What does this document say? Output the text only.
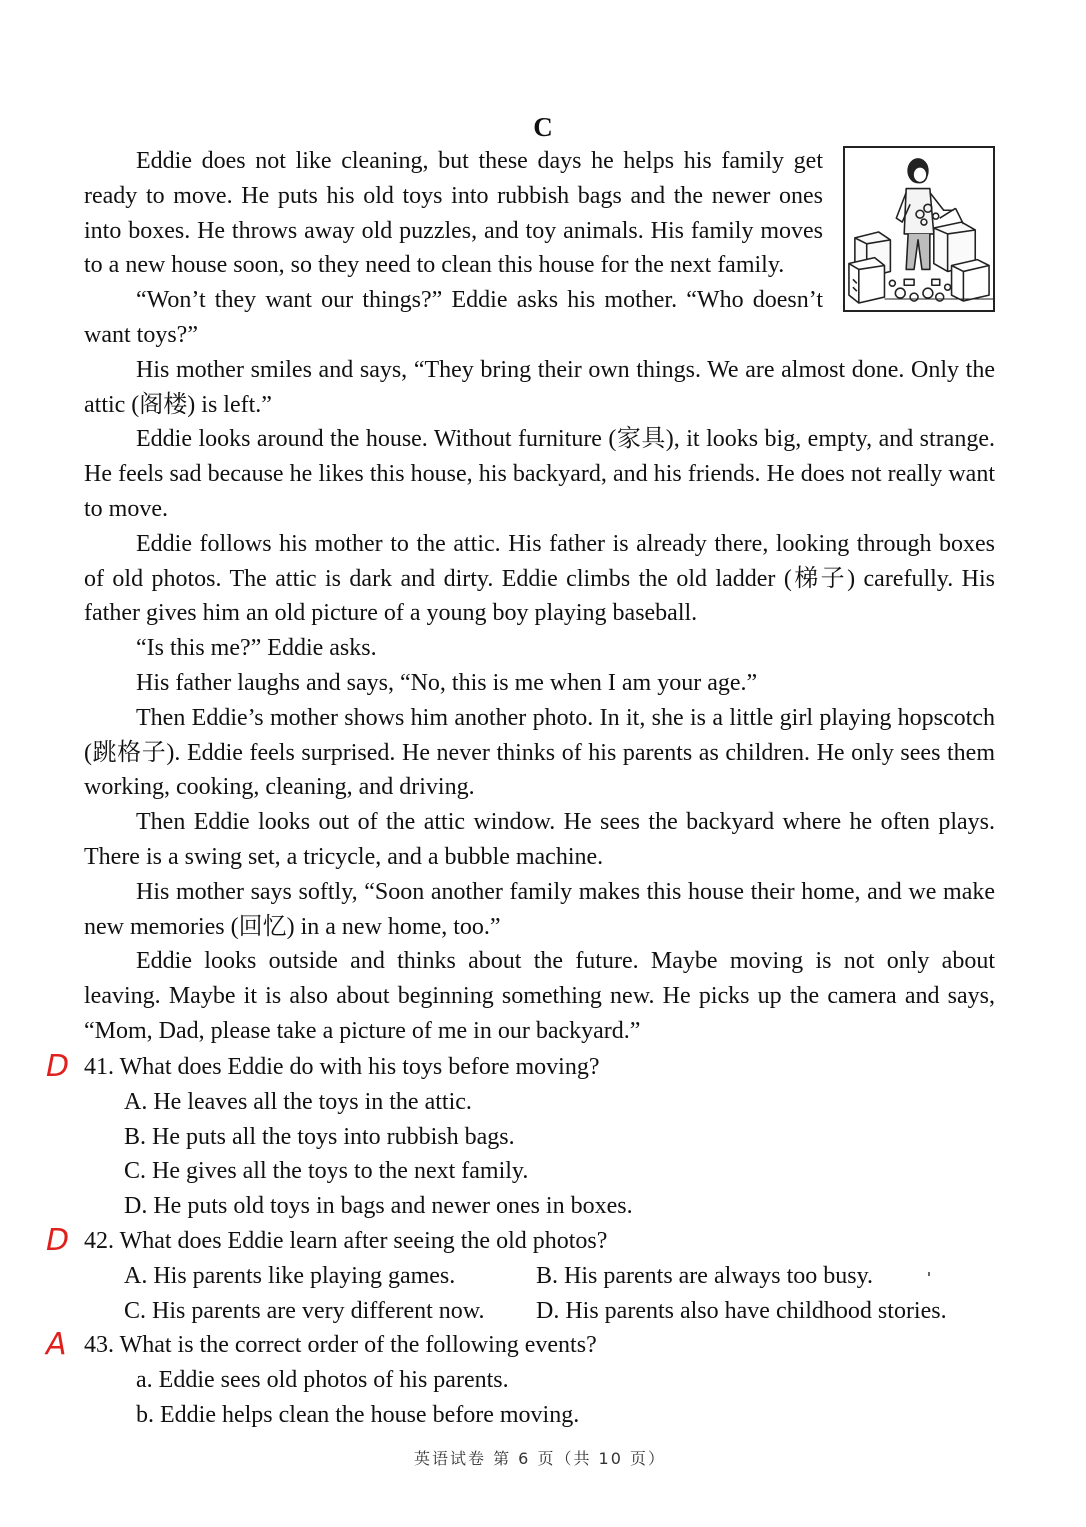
C

Eddie does not like cleaning, but these days he helps his family get ready to move. He puts his old toys into rubbish bags and the newer ones into boxes. He throws away old puzzles, and toy animals. His family moves to a new house soon, so they need to clean this house for the next family.

“Won’t they want our things?” Eddie asks his mother. “Who doesn’t want toys?”

His mother smiles and says, “They bring their own things. We are almost done. Only the attic (阁楼) is left.”

Eddie looks around the house. Without furniture (家具), it looks big, empty, and strange. He feels sad because he likes this house, his backyard, and his friends. He does not really want to move.

Eddie follows his mother to the attic. His father is already there, looking through boxes of old photos. The attic is dark and dirty. Eddie climbs the old ladder (梯子) carefully. His father gives him an old picture of a young boy playing baseball.

“Is this me?” Eddie asks.

His father laughs and says, “No, this is me when I am your age.”

Then Eddie’s mother shows him another photo. In it, she is a little girl playing hopscotch (跳格子). Eddie feels surprised. He never thinks of his parents as children. He only sees them working, cooking, cleaning, and driving.

Then Eddie looks out of the attic window. He sees the backyard where he often plays. There is a swing set, a tricycle, and a bubble machine.

His mother says softly, “Soon another family makes this house their home, and we make new memories (回忆) in a new home, too.”

Eddie looks outside and thinks about the future. Maybe moving is not only about leaving. Maybe it is also about beginning something new. He picks up the camera and says, “Mom, Dad, please take a picture of me in our backyard.”

D 41. What does Eddie do with his toys before moving?

A. He leaves all the toys in the attic.

B. He puts all the toys into rubbish bags.

C. He gives all the toys to the next family.

D. He puts old toys in bags and newer ones in boxes.

D 42. What does Eddie learn after seeing the old photos?

A. His parents like playing games.	B. His parents are always too busy.
C. His parents are very different now.	D. His parents also have childhood stories.
A 43. What is the correct order of the following events?

a. Eddie sees old photos of his parents.

b. Eddie helps clean the house before moving.

英语试卷 第 6 页（共 10 页）
